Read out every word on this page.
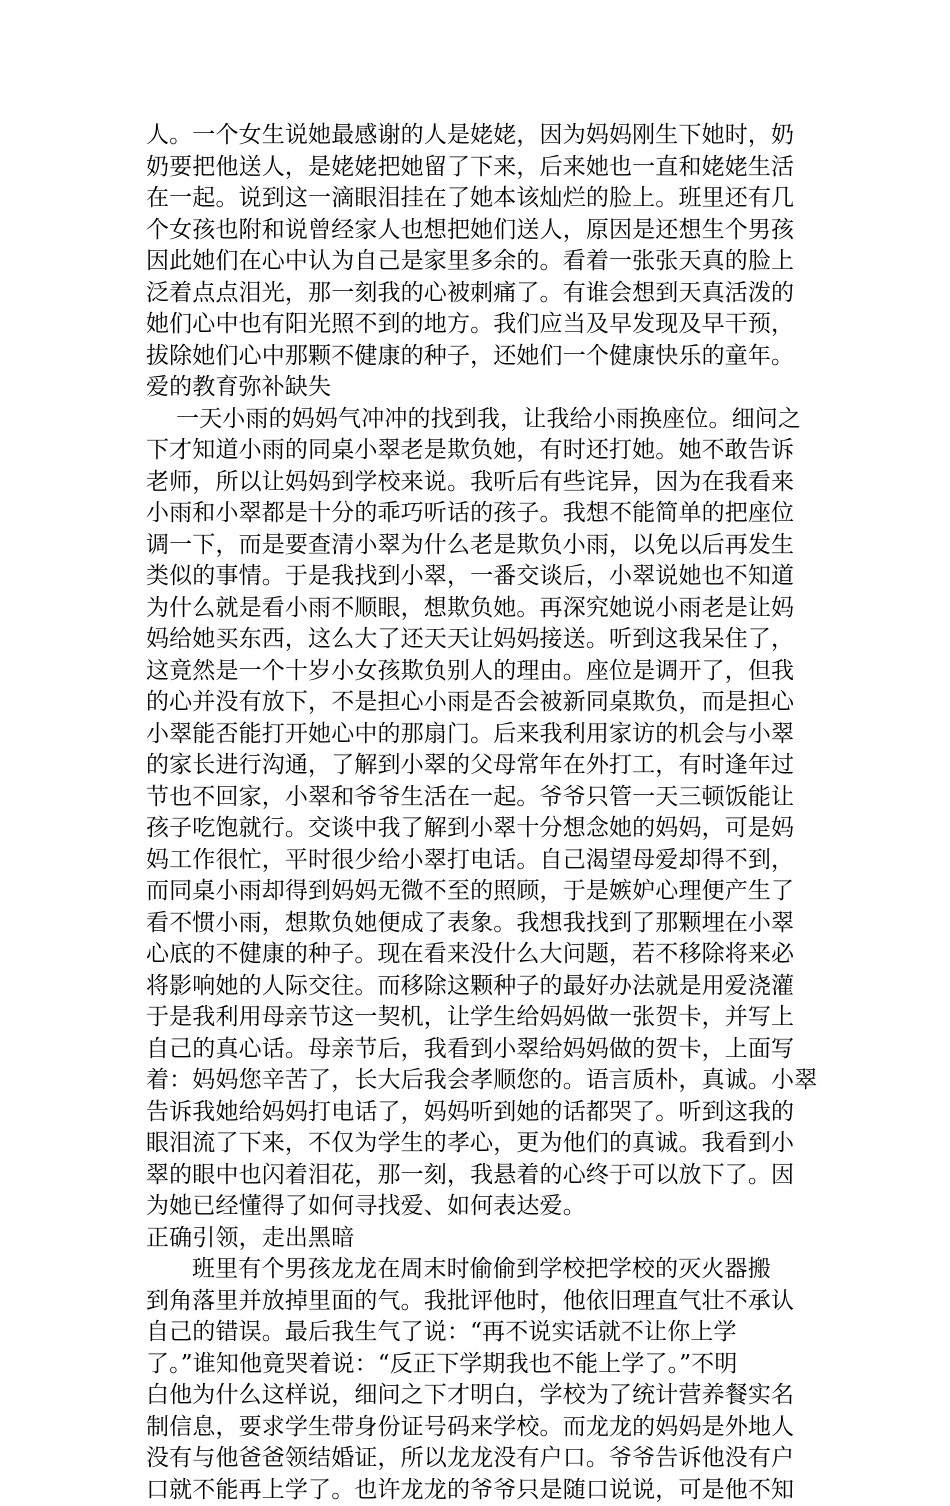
人。一个女生说她最感谢的人是姥姥，因为妈妈刚生下她时，奶
奶要把他送人，是姥姥把她留了下来，后来她也一直和姥姥生活
在一起。说到这一滴眼泪挂在了她本该灿烂的脸上。班里还有几
个女孩也附和说曾经家人也想把她们送人，原因是还想生个男孩
因此她们在心中认为自己是家里多余的。看着一张张天真的脸上
泛着点点泪光，那一刻我的心被刺痛了。有谁会想到天真活泼的
她们心中也有阳光照不到的地方。我们应当及早发现及早干预，
拔除她们心中那颗不健康的种子，还她们一个健康快乐的童年。
爱的教育弥补缺失
一天小雨的妈妈气冲冲的找到我，让我给小雨换座位。细问之
下才知道小雨的同桌小翠老是欺负她，有时还打她。她不敢告诉
老师，所以让妈妈到学校来说。我听后有些诧异，因为在我看来
小雨和小翠都是十分的乖巧听话的孩子。我想不能简单的把座位
调一下，而是要查清小翠为什么老是欺负小雨，以免以后再发生
类似的事情。于是我找到小翠，一番交谈后，小翠说她也不知道
为什么就是看小雨不顺眼，想欺负她。再深究她说小雨老是让妈
妈给她买东西，这么大了还天天让妈妈接送。听到这我呆住了，
这竟然是一个十岁小女孩欺负别人的理由。座位是调开了，但我
的心并没有放下，不是担心小雨是否会被新同桌欺负，而是担心
小翠能否能打开她心中的那扇门。后来我利用家访的机会与小翠
的家长进行沟通，了解到小翠的父母常年在外打工，有时逢年过
节也不回家，小翠和爷爷生活在一起。爷爷只管一天三顿饭能让
孩子吃饱就行。交谈中我了解到小翠十分想念她的妈妈，可是妈
妈工作很忙，平时很少给小翠打电话。自己渴望母爱却得不到，
而同桌小雨却得到妈妈无微不至的照顾，于是嫉妒心理便产生了
看不惯小雨，想欺负她便成了表象。我想我找到了那颗埋在小翠
心底的不健康的种子。现在看来没什么大问题，若不移除将来必
将影响她的人际交往。而移除这颗种子的最好办法就是用爱浇灌
于是我利用母亲节这一契机，让学生给妈妈做一张贺卡，并写上
自己的真心话。母亲节后，我看到小翠给妈妈做的贺卡，上面写
着：妈妈您辛苦了，长大后我会孝顺您的。语言质朴，真诚。小翠
告诉我她给妈妈打电话了，妈妈听到她的话都哭了。听到这我的
眼泪流了下来，不仅为学生的孝心，更为他们的真诚。我看到小
翠的眼中也闪着泪花，那一刻，我悬着的心终于可以放下了。因
为她已经懂得了如何寻找爱、如何表达爱。
正确引领，走出黑暗
班里有个男孩龙龙在周末时偷偷到学校把学校的灭火器搬
到角落里并放掉里面的气。我批评他时，他依旧理直气壮不承认
自己的错误。最后我生气了说：“再不说实话就不让你上学
了。”谁知他竟哭着说：“反正下学期我也不能上学了。”不明
白他为什么这样说，细问之下才明白，学校为了统计营养餐实名
制信息，要求学生带身份证号码来学校。而龙龙的妈妈是外地人
没有与他爸爸领结婚证，所以龙龙没有户口。爷爷告诉他没有户
口就不能再上学了。也许龙龙的爷爷只是随口说说，可是他不知
